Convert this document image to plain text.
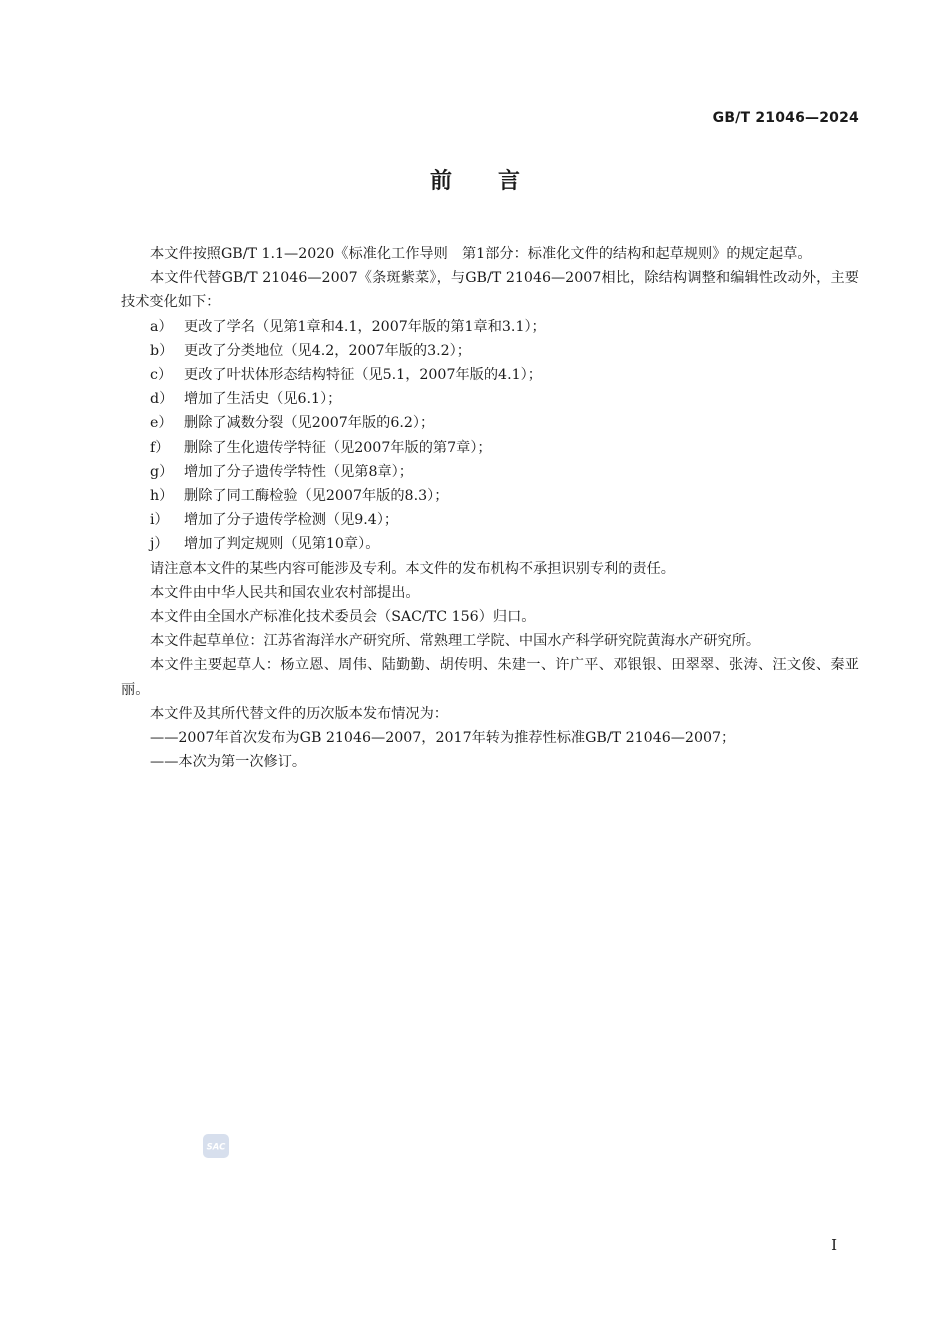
GB/T 21046—2024
前言

本文件按照GB/T 1.1—2020《标准化工作导则　第1部分：标准化文件的结构和起草规则》的规定起草。

本文件代替GB/T 21046—2007《条斑紫菜》，与GB/T 21046—2007相比，除结构调整和编辑性改动外，主要技术变化如下：

a） 更改了学名（见第1章和4.1，2007年版的第1章和3.1）；

b） 更改了分类地位（见4.2，2007年版的3.2）；

c） 更改了叶状体形态结构特征（见5.1，2007年版的4.1）；

d） 增加了生活史（见6.1）；

e） 删除了减数分裂（见2007年版的6.2）；

f） 删除了生化遗传学特征（见2007年版的第7章）；

g） 增加了分子遗传学特性（见第8章）；

h） 删除了同工酶检验（见2007年版的8.3）；

i） 增加了分子遗传学检测（见9.4）；

j） 增加了判定规则（见第10章）。

请注意本文件的某些内容可能涉及专利。本文件的发布机构不承担识别专利的责任。

本文件由中华人民共和国农业农村部提出。

本文件由全国水产标准化技术委员会（SAC/TC 156）归口。

本文件起草单位：江苏省海洋水产研究所、常熟理工学院、中国水产科学研究院黄海水产研究所。

本文件主要起草人：杨立恩、周伟、陆勤勤、胡传明、朱建一、许广平、邓银银、田翠翠、张涛、汪文俊、秦亚丽。

本文件及其所代替文件的历次版本发布情况为：

——2007年首次发布为GB 21046—2007，2017年转为推荐性标准GB/T 21046—2007；

——本次为第一次修订。

SAC
I
